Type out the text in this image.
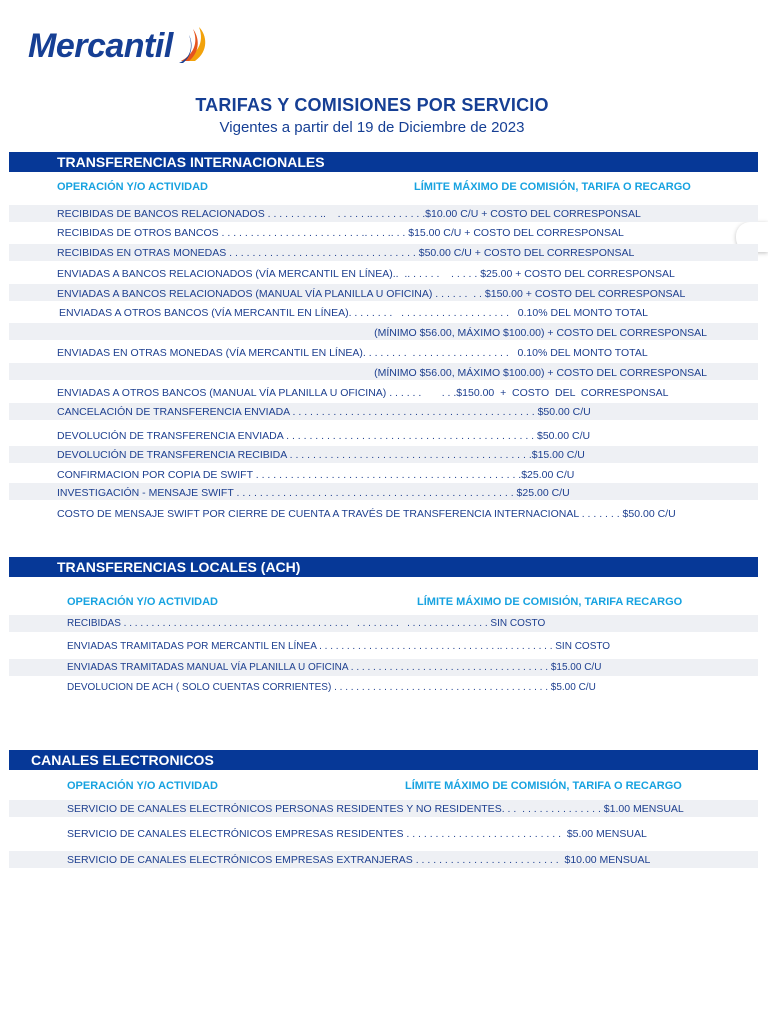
Mercantil
TARIFAS Y COMISIONES POR SERVICIO
Vigentes a partir del 19 de Diciembre de 2023
TRANSFERENCIAS INTERNACIONALES
OPERACIÓN Y/O ACTIVIDAD	LÍMITE MÁXIMO DE COMISIÓN, TARIFA O RECARGO
RECIBIDAS DE BANCOS RELACIONADOS . . . . . . . . . ..    . . . . . .. . . . . . . . . .$10.00 C/U + COSTO DEL CORRESPONSAL
RECIBIDAS DE OTROS BANCOS . . . . . . . . . . . . . . . . . . . . . . . . .. . . . .. . . $15.00 C/U + COSTO DEL CORRESPONSAL
RECIBIDAS EN OTRAS MONEDAS . . . . . . . . . . . . . . . . . . . . . . .. . . . . . . . . . $50.00 C/U + COSTO DEL CORRESPONSAL
ENVIADAS A BANCOS RELACIONADOS (VÍA MERCANTIL EN LÍNEA)..  .. . . . . .    . . . . . $25.00 + COSTO DEL CORRESPONSAL
ENVIADAS A BANCOS RELACIONADOS (MANUAL VÍA PLANILLA U OFICINA) . . . . . .  . . $150.00 + COSTO DEL CORRESPONSAL
ENVIADAS A OTROS BANCOS (VÍA MERCANTIL EN LÍNEA). . . . . . . .   . . . . . . . . . . . . . . . . . . .   0.10% DEL MONTO TOTAL
(MÍNIMO $56.00, MÁXIMO $100.00) + COSTO DEL CORRESPONSAL
ENVIADAS EN OTRAS MONEDAS (VÍA MERCANTIL EN LÍNEA). . . . . . . .  . . . . . . . . . . . . . . . . .   0.10% DEL MONTO TOTAL
(MÍNIMO $56.00, MÁXIMO $100.00) + COSTO DEL CORRESPONSAL
ENVIADAS A OTROS BANCOS (MANUAL VÍA PLANILLA U OFICINA) . . . . . .       . . .$150.00  +  COSTO  DEL  CORRESPONSAL
CANCELACIÓN DE TRANSFERENCIA ENVIADA . . . . . . . . . . . . . . . . . . . . . . . . . . . . . . . . . . . . . . . . . . $50.00 C/U
DEVOLUCIÓN DE TRANSFERENCIA ENVIADA . . . . . . . . . . . . . . . . . . . . . . . . . . . . . . . . . . . . . . . . . . . $50.00 C/U
DEVOLUCIÓN DE TRANSFERENCIA RECIBIDA . . . . . . . . . . . . . . . . . . . . . . . . . . . . . . . . . . . . . . . . . .$15.00 C/U
CONFIRMACION POR COPIA DE SWIFT . . . . . . . . . . . . . . . . . . . . . . . . . . . . . . . . . . . . . . . . . . . . . .$25.00 C/U
INVESTIGACIÓN - MENSAJE SWIFT . . . . . . . . . . . . . . . . . . . . . . . . . . . . . . . . . . . . . . . . . . . . . . . . $25.00 C/U
COSTO DE MENSAJE SWIFT POR CIERRE DE CUENTA A TRAVÉS DE TRANSFERENCIA INTERNACIONAL . . . . . . . $50.00 C/U
TRANSFERENCIAS LOCALES (ACH)
OPERACIÓN Y/O ACTIVIDAD	LÍMITE MÁXIMO DE COMISIÓN, TARIFA RECARGO
RECIBIDAS . . . . . . . . . . . . . . . . . . . . . . . . . . . . . . . . . . . . . . . . .   . . . . . . . .   . . . . . . . . . . . . . . . SIN COSTO
ENVIADAS TRAMITADAS POR MERCANTIL EN LÍNEA . . . . . . . . . . . . . . . . . . . . . . . . . . . . . . . . .. . . . . . . . . . SIN COSTO
ENVIADAS TRAMITADAS MANUAL VÍA PLANILLA U OFICINA . . . . . . . . . . . . . . . . . . . . . . . . . . . . . . . . . . . . $15.00 C/U
DEVOLUCION DE ACH ( SOLO CUENTAS CORRIENTES) . . . . . . . . . . . . . . . . . . . . . . . . . . . . . . . . . . . . . . . $5.00 C/U
CANALES ELECTRONICOS
OPERACIÓN Y/O ACTIVIDAD	LÍMITE MÁXIMO DE COMISIÓN, TARIFA O RECARGO
SERVICIO DE CANALES ELECTRÓNICOS PERSONAS RESIDENTES Y NO RESIDENTES. . .  . . . . . . . . . . . . . . $1.00 MENSUAL
SERVICIO DE CANALES ELECTRÓNICOS EMPRESAS RESIDENTES . . . . . . . . . . . . . . . . . . . . . . . . . . .  $5.00 MENSUAL
SERVICIO DE CANALES ELECTRÓNICOS EMPRESAS EXTRANJERAS . . . . . . . . . . . . . . . . . . . . . . . . .  $10.00 MENSUAL
